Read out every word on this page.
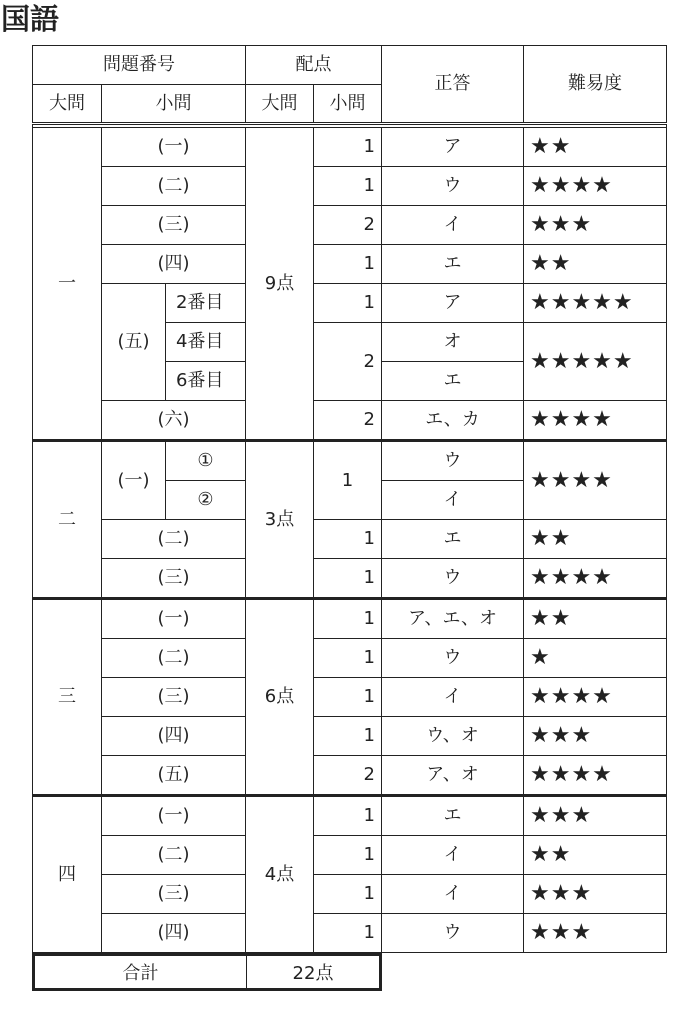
国語
問題番号			配点		正答	難易度
大問	小問		大問	小問		

一	(一)		9点	1	ア	★★
	(二)			1	ウ	★★★★
	(三)			2	イ	★★★
	(四)			1	エ	★★
	(五)	2番目		1	ア	★★★★★
		4番目		2	オ	★★★★★
		6番目			エ	
	(六)			2	エ、カ	★★★★
二	(一)	①	3点	1	ウ	★★★★
		②			イ	
	(二)			1	エ	★★
	(三)			1	ウ	★★★★
三	(一)		6点	1	ア、エ、オ	★★
	(二)			1	ウ	★
	(三)			1	イ	★★★★
	(四)			1	ウ、オ	★★★
	(五)			2	ア、オ	★★★★
四	(一)		4点	1	エ	★★★
	(二)			1	イ	★★
	(三)			1	イ	★★★
	(四)			1	ウ	★★★
合計	22点
